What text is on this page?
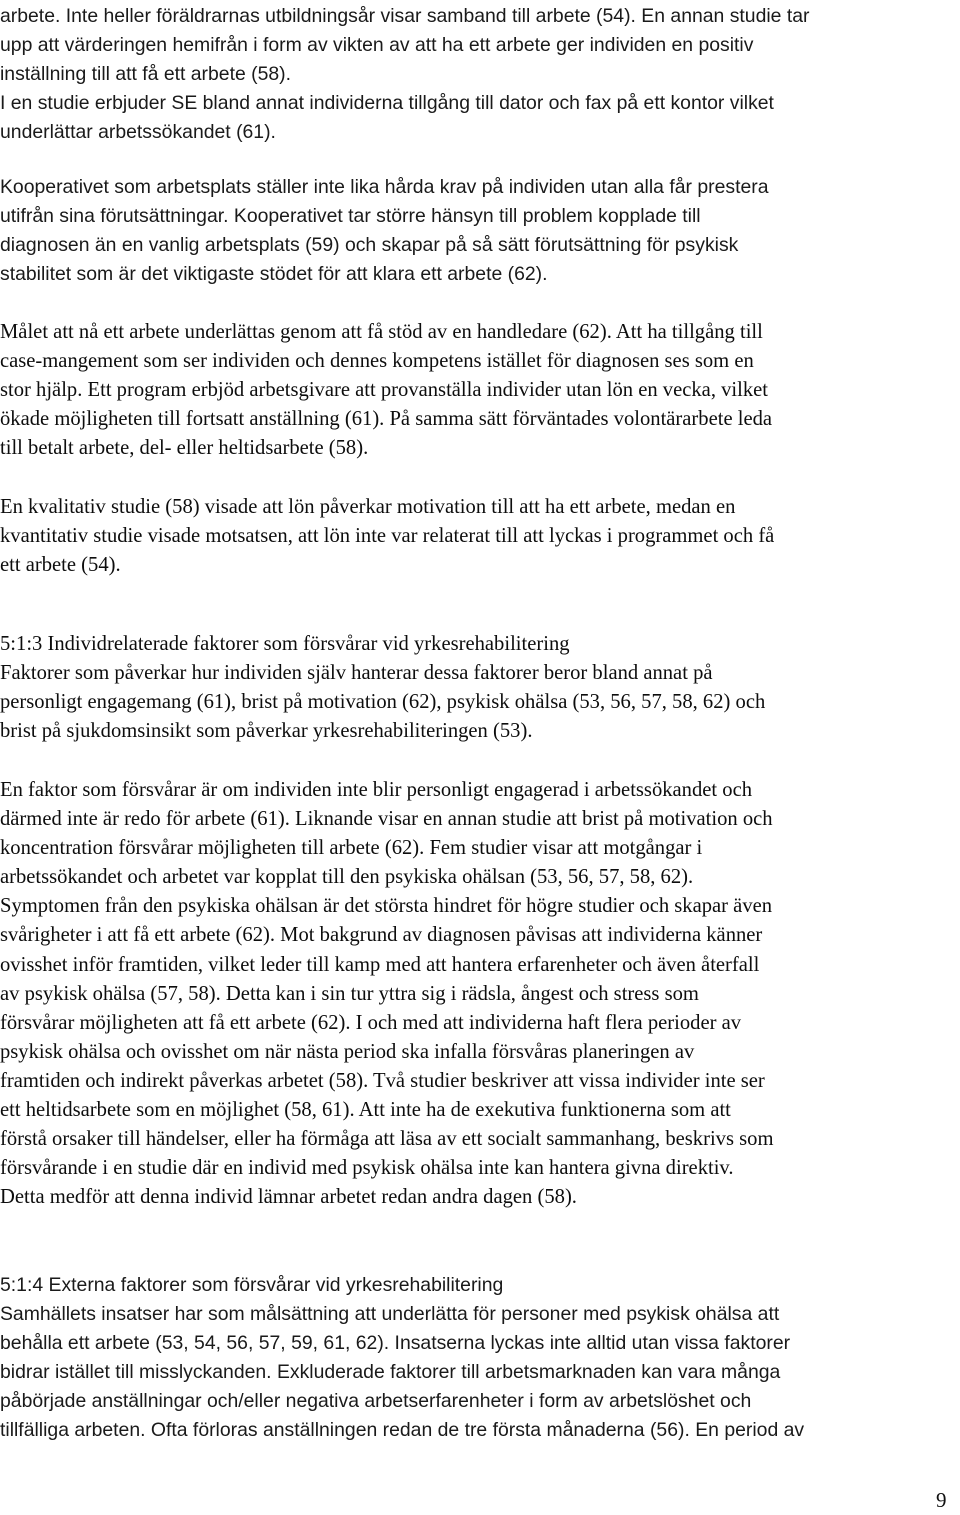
arbete. Inte heller föräldrarnas utbildningsår visar samband till arbete (54). En annan studie tar
upp att värderingen hemifrån i form av vikten av att ha ett arbete ger individen en positiv
inställning till att få ett arbete (58).

I en studie erbjuder SE bland annat individerna tillgång till dator och fax på ett kontor vilket
underlättar arbetssökandet (61).

Kooperativet som arbetsplats ställer inte lika hårda krav på individen utan alla får prestera
utifrån sina förutsättningar. Kooperativet tar större hänsyn till problem kopplade till
diagnosen än en vanlig arbetsplats (59) och skapar på så sätt förutsättning för psykisk
stabilitet som är det viktigaste stödet för att klara ett arbete (62).

Målet att nå ett arbete underlättas genom att få stöd av en handledare (62). Att ha tillgång till
case-mangement som ser individen och dennes kompetens istället för diagnosen ses som en
stor hjälp. Ett program erbjöd arbetsgivare att provanställa individer utan lön en vecka, vilket
ökade möjligheten till fortsatt anställning (61). På samma sätt förväntades volontärarbete leda
till betalt arbete, del- eller heltidsarbete (58).

En kvalitativ studie (58) visade att lön påverkar motivation till att ha ett arbete, medan en
kvantitativ studie visade motsatsen, att lön inte var relaterat till att lyckas i programmet och få
ett arbete (54).

5:1:3 Individrelaterade faktorer som försvårar vid yrkesrehabilitering
Faktorer som påverkar hur individen själv hanterar dessa faktorer beror bland annat på
personligt engagemang (61), brist på motivation (62), psykisk ohälsa (53, 56, 57, 58, 62) och
brist på sjukdomsinsikt som påverkar yrkesrehabiliteringen (53).

En faktor som försvårar är om individen inte blir personligt engagerad i arbetssökandet och
därmed inte är redo för arbete (61). Liknande visar en annan studie att brist på motivation och
koncentration försvårar möjligheten till arbete (62). Fem studier visar att motgångar i
arbetssökandet och arbetet var kopplat till den psykiska ohälsan (53, 56, 57, 58, 62).
Symptomen från den psykiska ohälsan är det största hindret för högre studier och skapar även
svårigheter i att få ett arbete (62). Mot bakgrund av diagnosen påvisas att individerna känner
ovisshet inför framtiden, vilket leder till kamp med att hantera erfarenheter och även återfall
av psykisk ohälsa (57, 58). Detta kan i sin tur yttra sig i rädsla, ångest och stress som
försvårar möjligheten att få ett arbete (62). I och med att individerna haft flera perioder av
psykisk ohälsa och ovisshet om när nästa period ska infalla försvåras planeringen av
framtiden och indirekt påverkas arbetet (58). Två studier beskriver att vissa individer inte ser
ett heltidsarbete som en möjlighet (58, 61). Att inte ha de exekutiva funktionerna som att
förstå orsaker till händelser, eller ha förmåga att läsa av ett socialt sammanhang, beskrivs som
försvårande i en studie där en individ med psykisk ohälsa inte kan hantera givna direktiv.
Detta medför att denna individ lämnar arbetet redan andra dagen (58).

5:1:4 Externa faktorer som försvårar vid yrkesrehabilitering
Samhällets insatser har som målsättning att underlätta för personer med psykisk ohälsa att
behålla ett arbete (53, 54, 56, 57, 59, 61, 62). Insatserna lyckas inte alltid utan vissa faktorer
bidrar istället till misslyckanden. Exkluderade faktorer till arbetsmarknaden kan vara många
påbörjade anställningar och/eller negativa arbetserfarenheter i form av arbetslöshet och
tillfälliga arbeten. Ofta förloras anställningen redan de tre första månaderna (56). En period av

9
